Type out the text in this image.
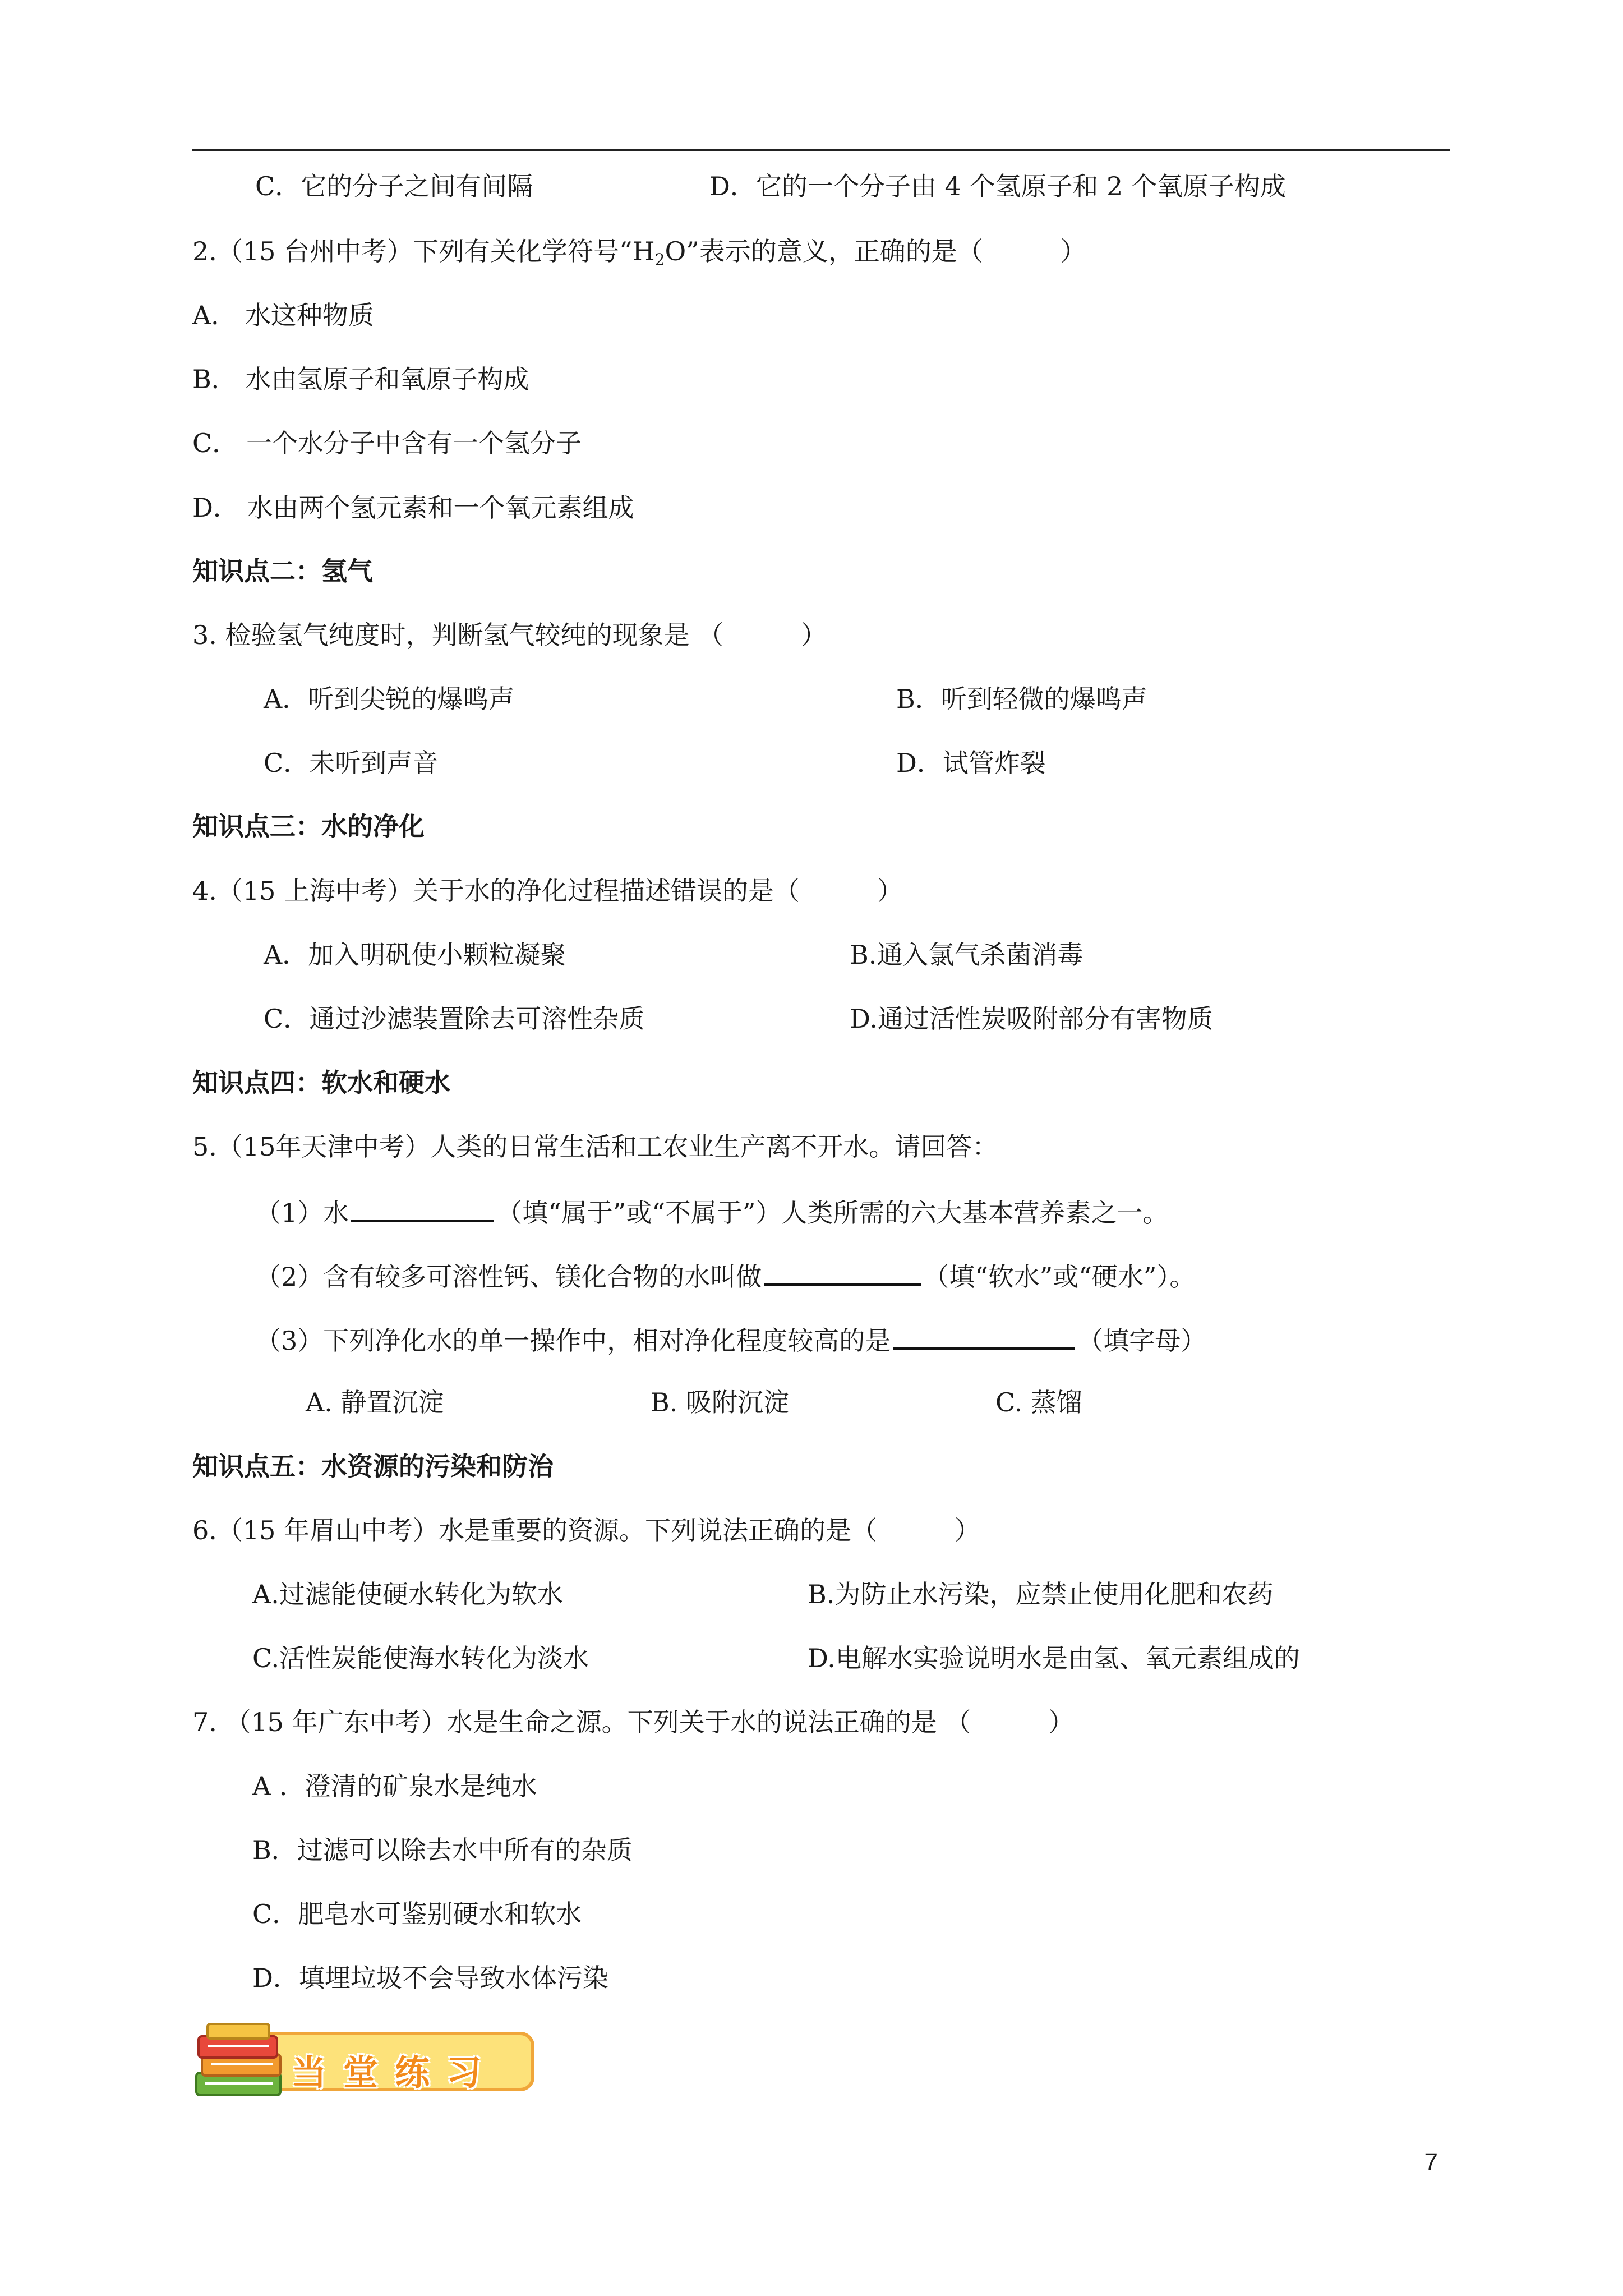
C．它的分子之间有间隔	D．它的一个分子由 4 个氢原子和 2 个氧原子构成
2.（15 台州中考）下列有关化学符号“$H_2O$”表示的意义，正确的是（　　　）
A． 水这种物质
B． 水由氢原子和氧原子构成
C． 一个水分子中含有一个氢分子
D． 水由两个氢元素和一个氧元素组成
知识点二：氢气
3. 检验氢气纯度时，判断氢气较纯的现象是 （　　　）
A．听到尖锐的爆鸣声	B．听到轻微的爆鸣声
C．未听到声音	D．试管炸裂
知识点三：水的净化
4.（15 上海中考）关于水的净化过程描述错误的是（　　　）
A．加入明矾使小颗粒凝聚	B.通入氯气杀菌消毒
C．通过沙滤装置除去可溶性杂质	D.通过活性炭吸附部分有害物质
知识点四：软水和硬水
5.（15年天津中考）人类的日常生活和工农业生产离不开水。请回答：
（1）水	（填“属于”或“不属于”）人类所需的六大基本营养素之一。
（2）含有较多可溶性钙、镁化合物的水叫做	（填“软水”或“硬水”）。
（3）下列净化水的单一操作中，相对净化程度较高的是	（填字母）
A. 静置沉淀	B. 吸附沉淀	C. 蒸馏
知识点五：水资源的污染和防治
6.（15 年眉山中考）水是重要的资源。下列说法正确的是（　　　）
A.过滤能使硬水转化为软水	B.为防止水污染，应禁止使用化肥和农药
C.活性炭能使海水转化为淡水	D.电解水实验说明水是由氢、氧元素组成的
7. （15 年广东中考）水是生命之源。下列关于水的说法正确的是 （　　　）
A ．澄清的矿泉水是纯水
B．过滤可以除去水中所有的杂质
C．肥皂水可鉴别硬水和软水
D．填埋垃圾不会导致水体污染
当堂练习
7
